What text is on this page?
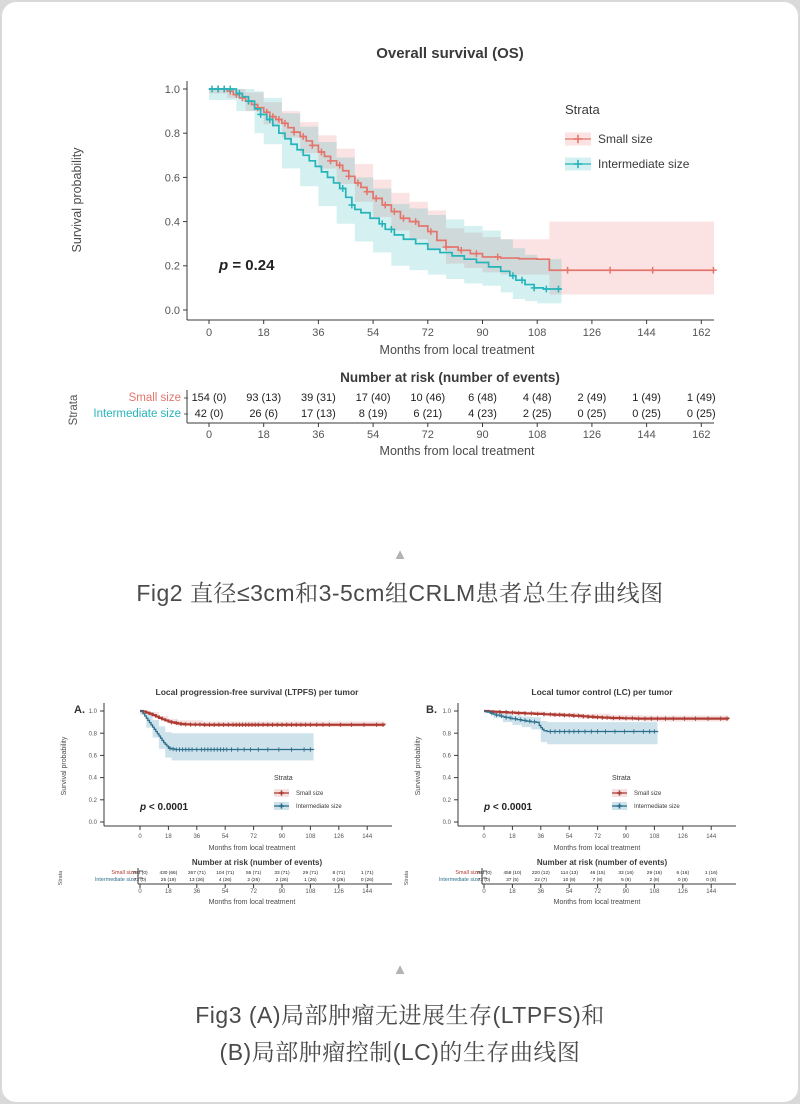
1.0
0.8
0.6
0.4
0.2
0.0
0	18	36	54	72	90	108	126	144	162
Months from local treatment
Survival probability
Overall survival (OS)
p = 0.24
Strata
Small size
Intermediate size
Number at risk (number of events)
Strata	Small size 154 (0) 93 (13) 39 (31) 17 (40) 10 (46) 6 (48) 4 (48) 2 (49) 1 (49) 1 (49)
Intermediate size 42 (0) 26 (6) 17 (13) 8 (19) 6 (21) 4 (23) 2 (25) 0 (25) 0 (25) 0 (25)
0	18	36	54	72	90	108	126	144	162
Months from local treatment
▲
Fig2 直径≤3cm和3-5cm组CRLM患者总生存曲线图
1.0
0.8
0.6
0.4
0.2
0.0
0	18	36	54	72	90	108	126	144
Months from local treatment
Survival probability
Local progression-free survival (LTPFS) per tumor
A.
p < 0.0001
Strata
Small size
Intermediate size
Number at risk (number of events)
Strata	Small size
783 (0) 430 (66) 267 (71) 104 (71) 55 (71)	33 (71)	29 (71)	8 (71)	1 (71)
Intermediate size
73 (0)	25 (19)	13 (26)	4 (26)	2 (26)	2 (26)	1 (26)	0 (26)	0 (26)
0	18	36	54	72	90	108	126	144
Months from local treatment
1.0
0.8
0.6
0.4
0.2
0.0
0	18	36	54	72	90	108	126	144
Months from local treatment
Survival probability
Local tumor control (LC) per tumor
B.
p < 0.0001
Strata
Small size
Intermediate size
Number at risk (number of events)
Strata	Small size
783 (0) 458 (10) 220 (12) 114 (13)	46 (15)	33 (16)	29 (16)	6 (16)	1 (16)
Intermediate size
73 (0)	37 (5)	22 (7)	10 (8)	7 (8)	5 (8)	2 (8)	0 (8)	0 (8)
0	18	36	54	72	90	108	126	144
Months from local treatment
▲
Fig3 (A)局部肿瘤无进展生存(LTPFS)和
(B)局部肿瘤控制(LC)的生存曲线图
